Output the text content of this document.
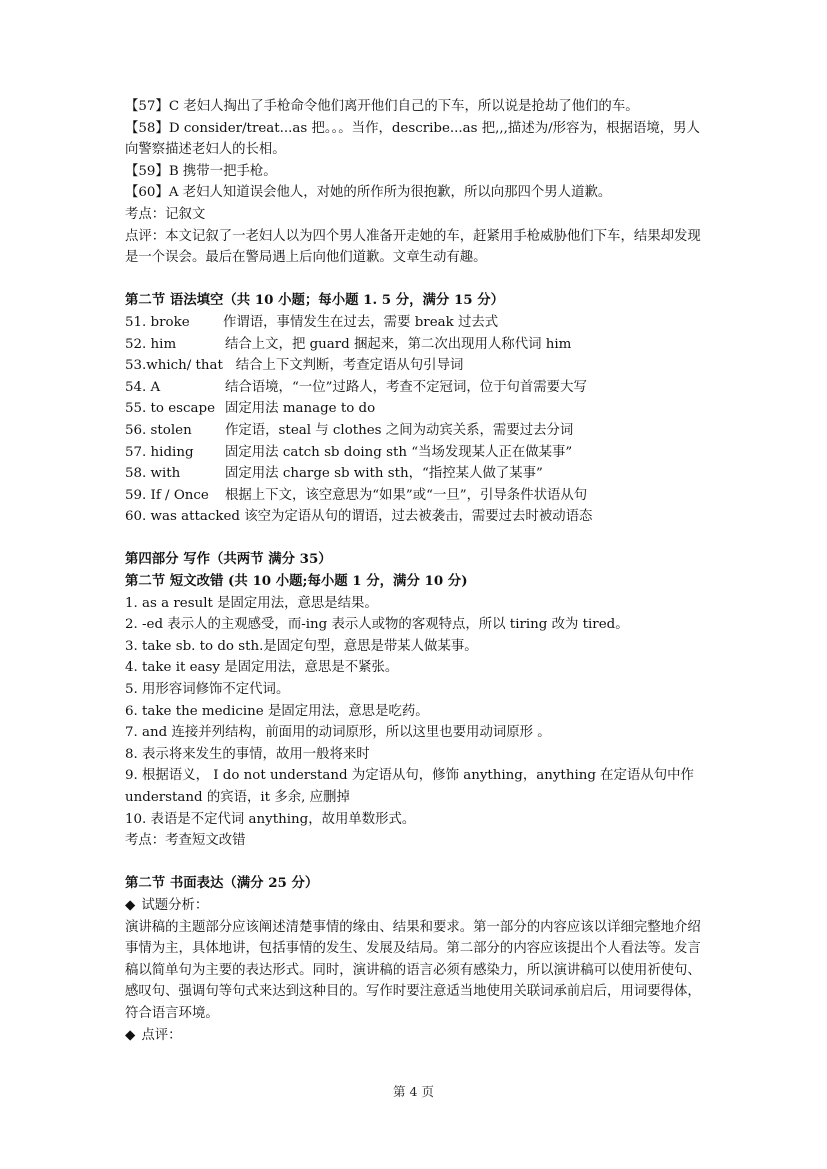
【57】C 老妇人掏出了手枪命令他们离开他们自己的下车，所以说是抢劫了他们的车。

【58】D consider/treat...as 把。。。当作，describe...as 把,,,描述为/形容为，根据语境，男人向警察描述老妇人的长相。

【59】B 携带一把手枪。

【60】A 老妇人知道误会他人，对她的所作所为很抱歉，所以向那四个男人道歉。

考点：记叙文

点评：本文记叙了一老妇人以为四个男人准备开走她的车，赶紧用手枪威胁他们下车，结果却发现是一个误会。最后在警局遇上后向他们道歉。文章生动有趣。

第二节 语法填空（共 10 小题；每小题 1. 5 分，满分 15 分）

51. broke 作谓语，事情发生在过去，需要 break 过去式

52. him	结合上文，把 guard 捆起来，第二次出现用人称代词 him

53.which/ that 结合上下文判断，考查定语从句引导词

54. A	结合语境，“一位”过路人，考查不定冠词，位于句首需要大写

55. to escape 固定用法 manage to do

56. stolen 作定语，steal 与 clothes 之间为动宾关系，需要过去分词

57. hiding 固定用法 catch sb doing sth “当场发现某人正在做某事”

58. with	固定用法 charge sb with sth，“指控某人做了某事”

59. If / Once 根据上下文，该空意思为“如果”或“一旦”，引导条件状语从句

60. was attacked 该空为定语从句的谓语，过去被袭击，需要过去时被动语态

第四部分 写作（共两节 满分 35）

第二节 短文改错 (共 10 小题;每小题 1 分，满分 10 分)

1. as a result 是固定用法，意思是结果。

2. -ed 表示人的主观感受，而-ing 表示人或物的客观特点，所以 tiring 改为 tired。

3. take sb. to do sth.是固定句型，意思是带某人做某事。

4. take it easy 是固定用法，意思是不紧张。

5. 用形容词修饰不定代词。

6. take the medicine 是固定用法，意思是吃药。

7. and 连接并列结构，前面用的动词原形，所以这里也要用动词原形 。

8. 表示将来发生的事情，故用一般将来时

9. 根据语义， I do not understand 为定语从句，修饰 anything，anything 在定语从句中作 understand 的宾语，it 多余, 应删掉

10. 表语是不定代词 anything，故用单数形式。

考点：考查短文改错

第二节 书面表达（满分 25 分）

◆ 试题分析：

演讲稿的主题部分应该阐述清楚事情的缘由、结果和要求。第一部分的内容应该以详细完整地介绍事情为主，具体地讲，包括事情的发生、发展及结局。第二部分的内容应该提出个人看法等。发言稿以简单句为主要的表达形式。同时，演讲稿的语言必须有感染力，所以演讲稿可以使用祈使句、感叹句、强调句等句式来达到这种目的。写作时要注意适当地使用关联词承前启后，用词要得体，符合语言环境。

◆ 点评：

第 4 页
